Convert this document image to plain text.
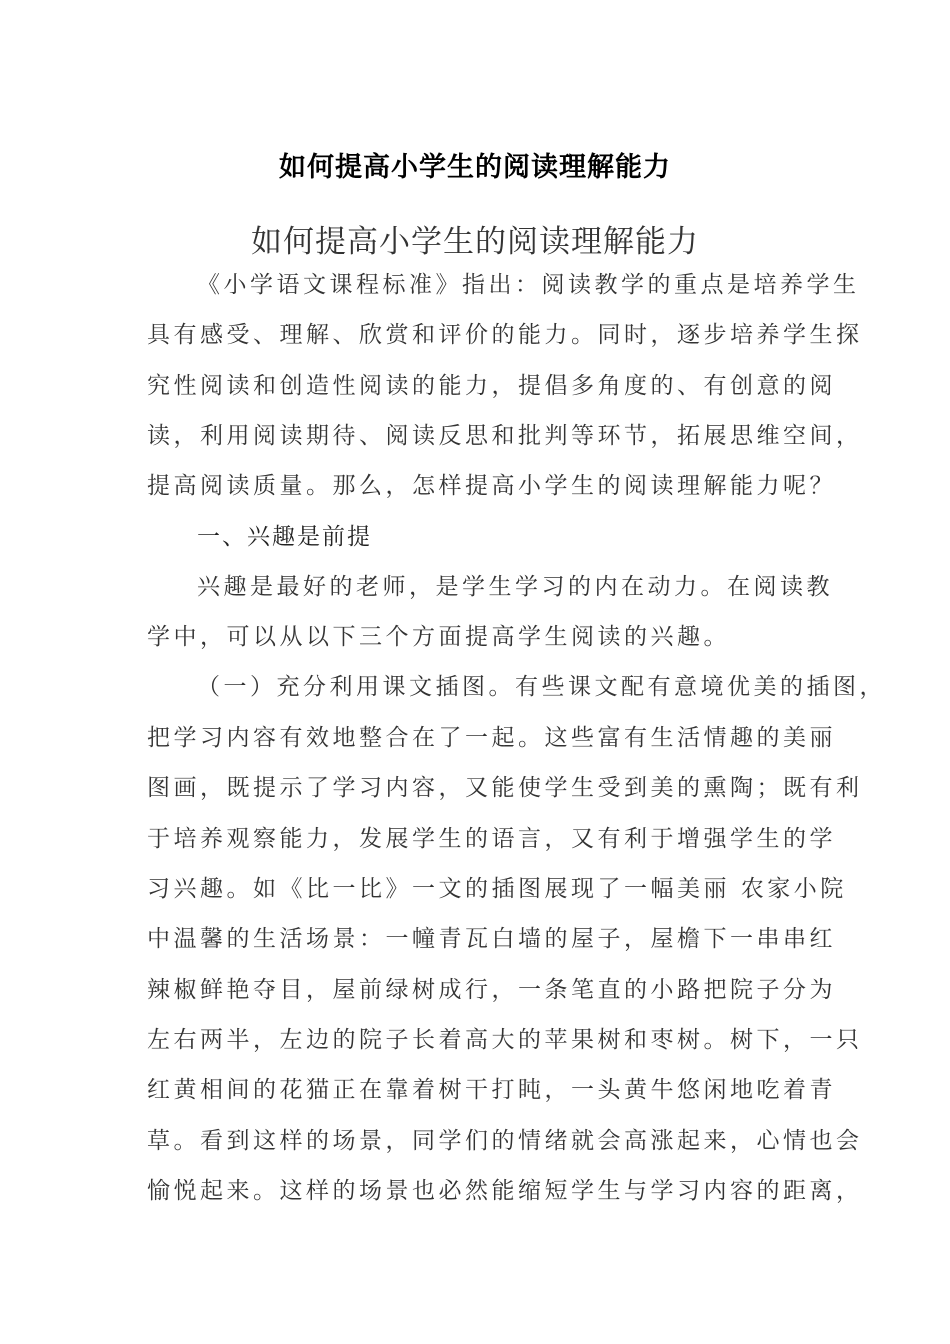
如何提高小学生的阅读理解能力
如何提高小学生的阅读理解能力
《小学语文课程标准》指出：阅读教学的重点是培养学生
具有感受、理解、欣赏和评价的能力。同时，逐步培养学生探
究性阅读和创造性阅读的能力，提倡多角度的、有创意的阅
读，利用阅读期待、阅读反思和批判等环节，拓展思维空间，
提高阅读质量。那么，怎样提高小学生的阅读理解能力呢？
一、兴趣是前提
兴趣是最好的老师，是学生学习的内在动力。在阅读教
学中，可以从以下三个方面提高学生阅读的兴趣。
（一）充分利用课文插图。有些课文配有意境优美的插图，
把学习内容有效地整合在了一起。这些富有生活情趣的美丽
图画，既提示了学习内容，又能使学生受到美的熏陶；既有利
于培养观察能力，发展学生的语言，又有利于增强学生的学
习兴趣。如《比一比》一文的插图展现了一幅美丽 农家小院
中温馨的生活场景：一幢青瓦白墙的屋子，屋檐下一串串红
辣椒鲜艳夺目，屋前绿树成行，一条笔直的小路把院子分为
左右两半，左边的院子长着高大的苹果树和枣树。树下，一只
红黄相间的花猫正在靠着树干打盹，一头黄牛悠闲地吃着青
草。看到这样的场景，同学们的情绪就会高涨起来，心情也会
愉悦起来。这样的场景也必然能缩短学生与学习内容的距离，
